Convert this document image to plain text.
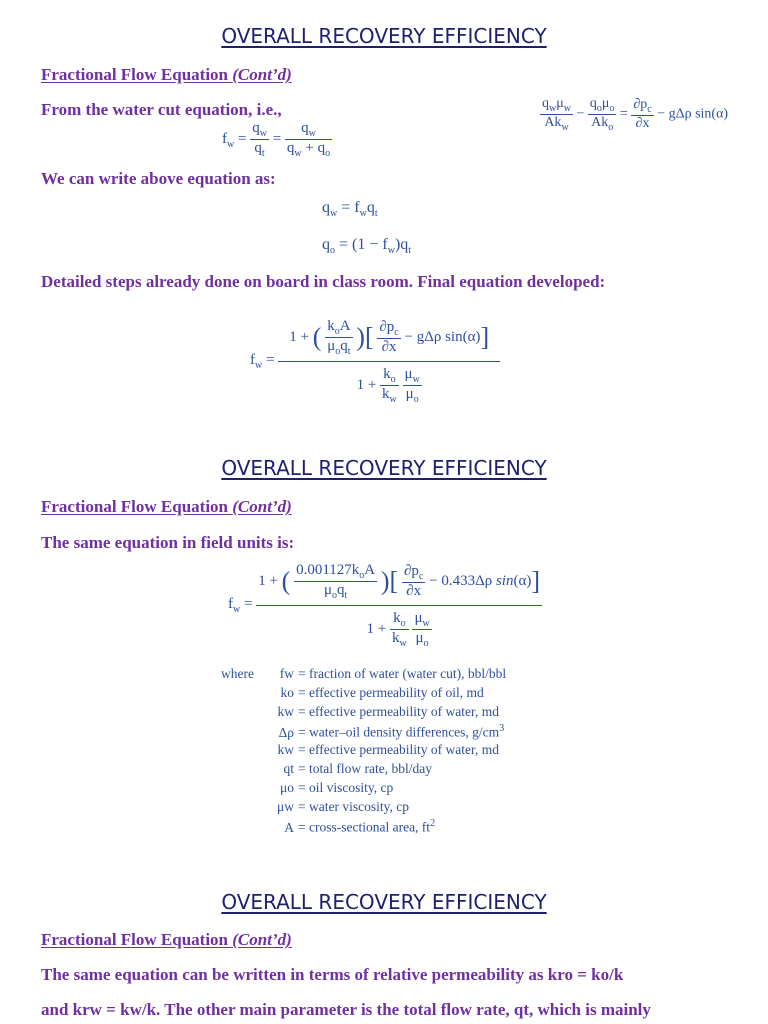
OVERALL RECOVERY EFFICIENCY
Fractional Flow Equation (Cont’d)
From the water cut equation, i.e.,	$\frac{q_w\mu_w}{Ak_w} - \frac{q_o\mu_o}{Ak_o} = \frac{\partial p_c}{\partial x} - g\Delta\rho$ sin(α)
$f_w = \frac{q_w}{q_t} = \frac{q_w}{q_w + q_o}$
We can write above equation as:
$q_w = f_wq_t$
$q_o = (1 - f_w)q_t$
Detailed steps already done on board in class room. Final equation developed:
$f_w = 1$ + ( $\frac{k_oA}{\mu_oq_t}$ )[ $\frac{\partial p_c}{\partial x} - g\Delta\rho$ sin(α)]
$1 + \frac{k_o}{k_w}$
$\frac{\mu_w}{\mu_o}$
OVERALL RECOVERY EFFICIENCY
Fractional Flow Equation (Cont’d)
The same equation in field units is:
$f_w$ =
1 + ( $\frac{0.001127k_oA}{\mu_oq_t}$ )[ $\frac{\partial p_c}{\partial x} - 0.433\Delta\rho$ sin(α)]
$1 + \frac{k_o}{k_w}$
$\frac{\mu_w}{\mu_o}$
where	fw = fraction of water (water cut), bbl/bbl
ko = effective permeability of oil, md
kw = effective permeability of water, md
Δρ = water–oil density differences, $g/cm^3$
kw = effective permeability of water, md
qt = total flow rate, bbl/day
μo = oil viscosity, cp
μw = water viscosity, cp
A = cross-sectional area, $ft^2$
OVERALL RECOVERY EFFICIENCY
Fractional Flow Equation (Cont’d)
The same equation can be written in terms of relative permeability as kro = ko/k
and krw = kw/k. The other main parameter is the total flow rate, qt, which is mainly
